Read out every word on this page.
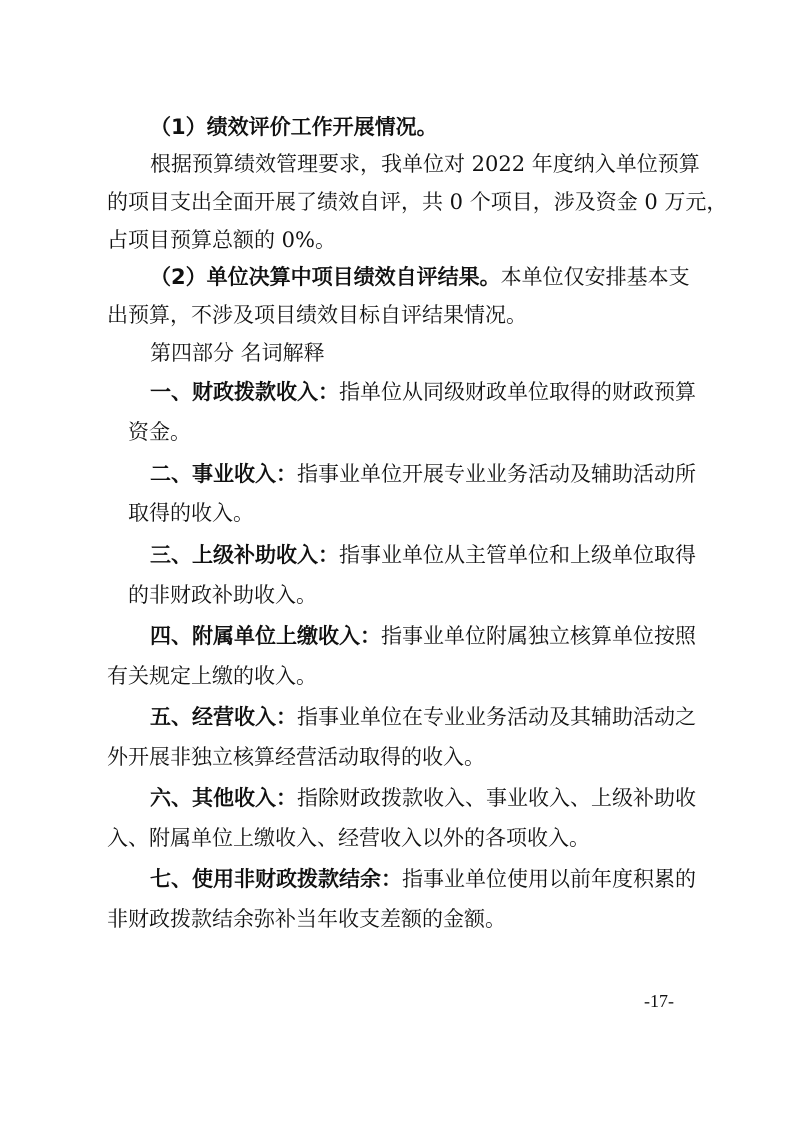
（1）绩效评价工作开展情况。
根据预算绩效管理要求，我单位对 2022 年度纳入单位预算
的项目支出全面开展了绩效自评，共 0 个项目，涉及资金 0 万元，
占项目预算总额的 0%。
（2）单位决算中项目绩效自评结果。本单位仅安排基本支
出预算，不涉及项目绩效目标自评结果情况。
第四部分 名词解释
一、财政拨款收入：指单位从同级财政单位取得的财政预算
资金。
二、事业收入：指事业单位开展专业业务活动及辅助活动所
取得的收入。
三、上级补助收入：指事业单位从主管单位和上级单位取得
的非财政补助收入。
四、附属单位上缴收入：指事业单位附属独立核算单位按照
有关规定上缴的收入。
五、经营收入：指事业单位在专业业务活动及其辅助活动之
外开展非独立核算经营活动取得的收入。
六、其他收入：指除财政拨款收入、事业收入、上级补助收
入、附属单位上缴收入、经营收入以外的各项收入。
七、使用非财政拨款结余：指事业单位使用以前年度积累的
非财政拨款结余弥补当年收支差额的金额。
-17-
